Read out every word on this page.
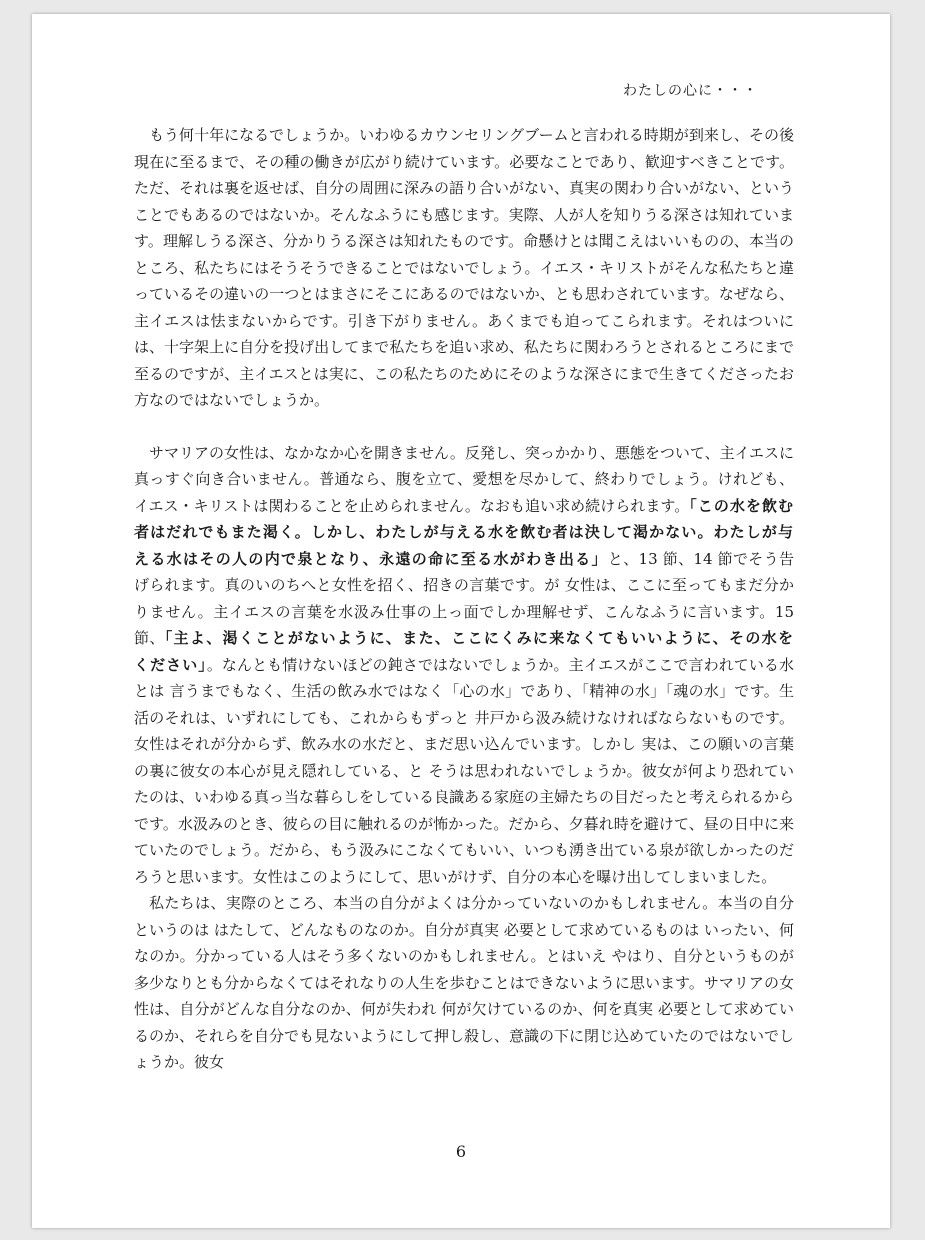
わたしの心に・・・

もう何十年になるでしょうか。いわゆるカウンセリングブームと言われる時期が到来し、その後現在に至るまで、その種の働きが広がり続けています。必要なことであり、歓迎すべきことです。ただ、それは裏を返せば、自分の周囲に深みの語り合いがない、真実の関わり合いがない、ということでもあるのではないか。そんなふうにも感じます。実際、人が人を知りうる深さは知れています。理解しうる深さ、分かりうる深さは知れたものです。命懸けとは聞こえはいいものの、本当のところ、私たちにはそうそうできることではないでしょう。イエス・キリストがそんな私たちと違っているその違いの一つとはまさにそこにあるのではないか、とも思わされています。なぜなら、主イエスは怯まないからです。引き下がりません。あくまでも迫ってこられます。それはついには、十字架上に自分を投げ出してまで私たちを追い求め、私たちに関わろうとされるところにまで至るのですが、主イエスとは実に、この私たちのためにそのような深さにまで生きてくださったお方なのではないでしょうか。

サマリアの女性は、なかなか心を開きません。反発し、突っかかり、悪態をついて、主イエスに真っすぐ向き合いません。普通なら、腹を立て、愛想を尽かして、終わりでしょう。けれども、イエス・キリストは関わることを止められません。なおも追い求め続けられます。「この水を飲む者はだれでもまた渇く。しかし、わたしが与える水を飲む者は決して渇かない。わたしが与える水はその人の内で泉となり、永遠の命に至る水がわき出る」と、13 節、14 節でそう告げられます。真のいのちへと女性を招く、招きの言葉です。が 女性は、ここに至ってもまだ分かりません。主イエスの言葉を水汲み仕事の上っ面でしか理解せず、こんなふうに言います。15 節、「主よ、渇くことがないように、また、ここにくみに来なくてもいいように、その水をください」。なんとも情けないほどの鈍さではないでしょうか。主イエスがここで言われている水とは 言うまでもなく、生活の飲み水ではなく「心の水」であり、「精神の水」「魂の水」です。生活のそれは、いずれにしても、これからもずっと 井戸から汲み続けなければならないものです。女性はそれが分からず、飲み水の水だと、まだ思い込んでいます。しかし 実は、この願いの言葉の裏に彼女の本心が見え隠れしている、と そうは思われないでしょうか。彼女が何より恐れていたのは、いわゆる真っ当な暮らしをしている良識ある家庭の主婦たちの目だったと考えられるからです。水汲みのとき、彼らの目に触れるのが怖かった。だから、夕暮れ時を避けて、昼の日中に来ていたのでしょう。だから、もう汲みにこなくてもいい、いつも湧き出ている泉が欲しかったのだろうと思います。女性はこのようにして、思いがけず、自分の本心を曝け出してしまいました。

私たちは、実際のところ、本当の自分がよくは分かっていないのかもしれません。本当の自分というのは はたして、どんなものなのか。自分が真実 必要として求めているものは いったい、何なのか。分かっている人はそう多くないのかもしれません。とはいえ やはり、自分というものが多少なりとも分からなくてはそれなりの人生を歩むことはできないように思います。サマリアの女性は、自分がどんな自分なのか、何が失われ 何が欠けているのか、何を真実 必要として求めているのか、それらを自分でも見ないようにして押し殺し、意識の下に閉じ込めていたのではないでしょうか。彼女

6
